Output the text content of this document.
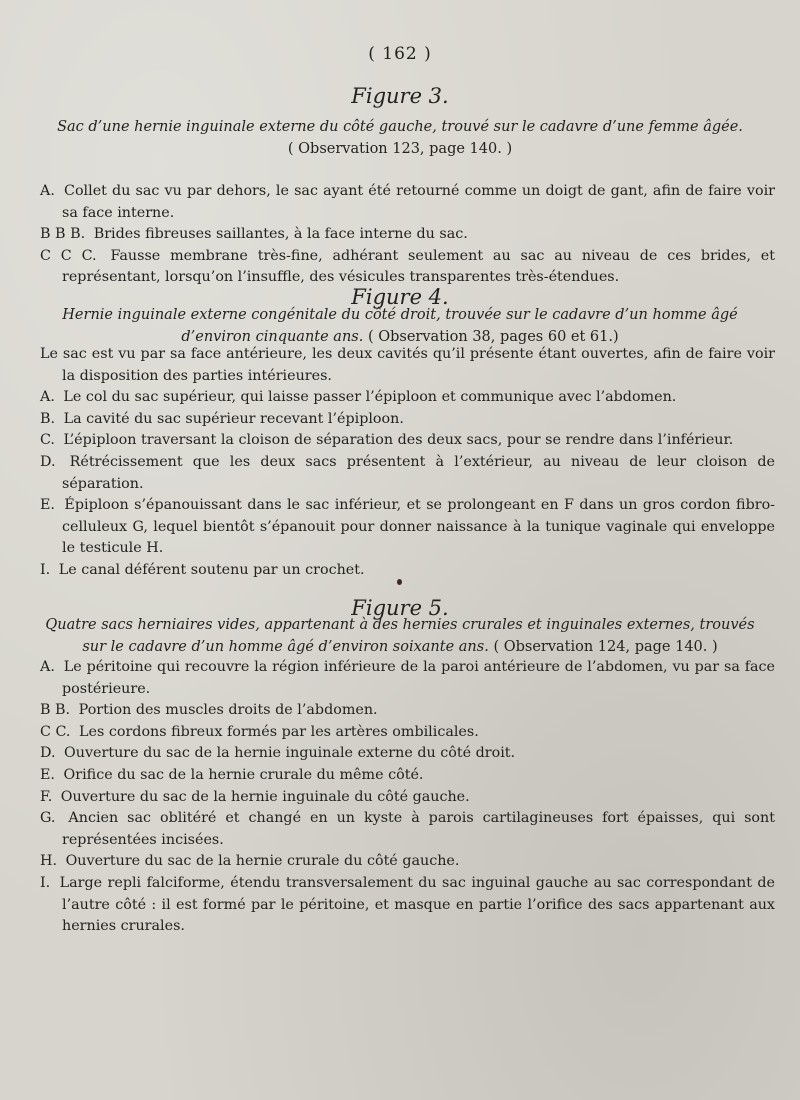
( 162 )
Figure 3.
Sac d’une hernie inguinale externe du côté gauche, trouvé sur le cadavre d’une femme âgée.
( Observation 123, page 140. )

A. Collet du sac vu par dehors, le sac ayant été retourné comme un doigt de gant, afin de faire voir sa face interne.

B B B. Brides fibreuses saillantes, à la face interne du sac.

C C C. Fausse membrane très-fine, adhérant seulement au sac au niveau de ces brides, et représentant, lorsqu’on l’insuffle, des vésicules transparentes très-étendues.

Figure 4.
Hernie inguinale externe congénitale du côté droit, trouvée sur le cadavre d’un homme âgé d’environ cinquante ans. ( Observation 38, pages 60 et 61.)

Le sac est vu par sa face antérieure, les deux cavités qu’il présente étant ouvertes, afin de faire voir la disposition des parties intérieures.

A. Le col du sac supérieur, qui laisse passer l’épiploon et communique avec l’abdomen.

B. La cavité du sac supérieur recevant l’épiploon.

C. L’épiploon traversant la cloison de séparation des deux sacs, pour se rendre dans l’inférieur.

D. Rétrécissement que les deux sacs présentent à l’extérieur, au niveau de leur cloison de séparation.

E. Épiploon s’épanouissant dans le sac inférieur, et se prolongeant en F dans un gros cordon fibro-celluleux G, lequel bientôt s’épanouit pour donner naissance à la tunique vaginale qui enveloppe le testicule H.

I. Le canal déférent soutenu par un crochet.

Figure 5.
Quatre sacs herniaires vides, appartenant à des hernies crurales et inguinales externes, trouvés sur le cadavre d’un homme âgé d’environ soixante ans. ( Observation 124, page 140. )

A. Le péritoine qui recouvre la région inférieure de la paroi antérieure de l’abdomen, vu par sa face postérieure.

B B. Portion des muscles droits de l’abdomen.

C C. Les cordons fibreux formés par les artères ombilicales.

D. Ouverture du sac de la hernie inguinale externe du côté droit.

E. Orifice du sac de la hernie crurale du même côté.

F. Ouverture du sac de la hernie inguinale du côté gauche.

G. Ancien sac oblitéré et changé en un kyste à parois cartilagineuses fort épaisses, qui sont représentées incisées.

H. Ouverture du sac de la hernie crurale du côté gauche.

I. Large repli falciforme, étendu transversalement du sac inguinal gauche au sac correspondant de l’autre côté : il est formé par le péritoine, et masque en partie l’orifice des sacs appartenant aux hernies crurales.
